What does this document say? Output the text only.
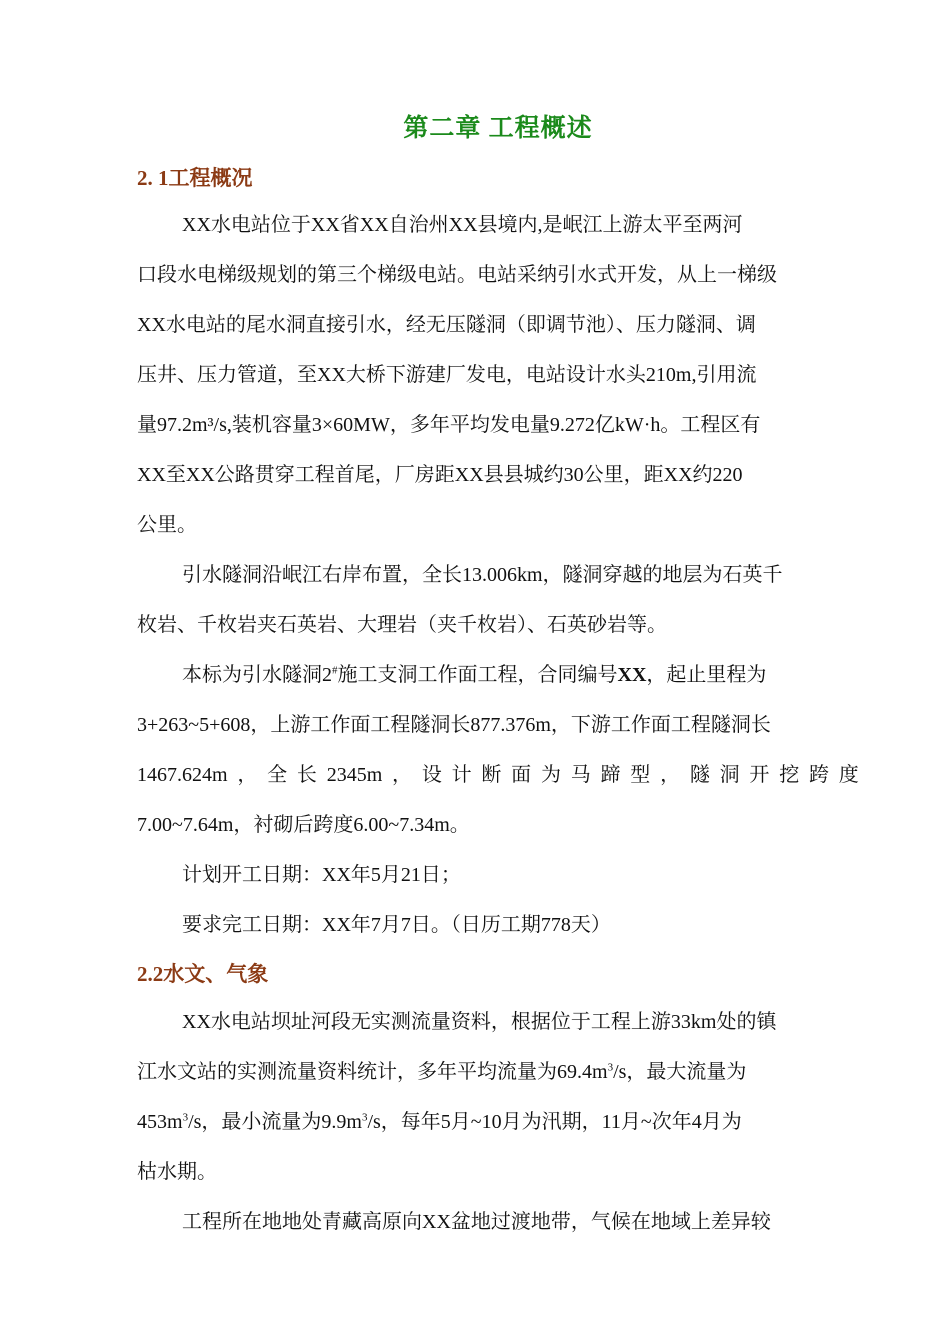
第二章 工程概述
2. 1工程概况
XX水电站位于XX省XX自治州XX县境内,是岷江上游太平至两河
口段水电梯级规划的第三个梯级电站。电站采纳引水式开发，从上一梯级
XX水电站的尾水洞直接引水，经无压隧洞（即调节池）、压力隧洞、调
压井、压力管道，至XX大桥下游建厂发电，电站设计水头210m,引用流
量97.2m³/s,装机容量3×60MW，多年平均发电量9.272亿kW·h。工程区有
XX至XX公路贯穿工程首尾，厂房距XX县县城约30公里，距XX约220
公里。
引水隧洞沿岷江右岸布置，全长13.006km，隧洞穿越的地层为石英千
枚岩、千枚岩夹石英岩、大理岩（夹千枚岩）、石英砂岩等。
本标为引水隧洞2#施工支洞工作面工程，合同编号XX，起止里程为
3+263~5+608，上游工作面工程隧洞长877.376m，下游工作面工程隧洞长
1467.624m ， 全 长 2345m ， 设 计 断 面 为 马 蹄 型 ， 隧 洞 开 挖 跨 度
7.00~7.64m，衬砌后跨度6.00~7.34m。
计划开工日期：XX年5月21日；
要求完工日期：XX年7月7日。（日历工期778天）
2.2水文、气象
XX水电站坝址河段无实测流量资料，根据位于工程上游33km处的镇
江水文站的实测流量资料统计，多年平均流量为$69.4m^3/s$，最大流量为
$453m^3/s$，最小流量为$9.9m^3/s$，每年5月~10月为汛期，11月~次年4月为
枯水期。
工程所在地地处青藏高原向XX盆地过渡地带，气候在地域上差异较
